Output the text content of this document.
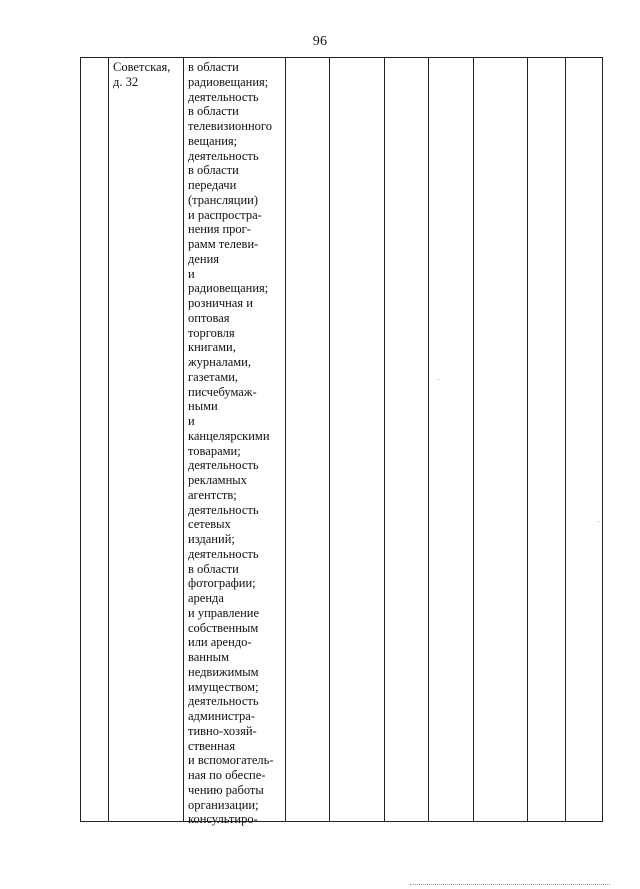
96
Советская,
д. 32
в области
радиовещания;
деятельность
в области
телевизионного
вещания;
деятельность
в области
передачи
(трансляции)
и распростра-
нения прог-
рамм телеви-
дения
и
радиовещания;
розничная и
оптовая
торговля
книгами,
журналами,
газетами,
писчебумаж-
ными
и
канцелярскими
товарами;
деятельность
рекламных
агентств;
деятельность
сетевых
изданий;
деятельность
в области
фотографии;
аренда
и управление
собственным
или арендо-
ванным
недвижимым
имуществом;
деятельность
администра-
тивно-хозяй-
ственная
и вспомогатель-
ная по обеспе-
чению работы
организации;
консультиро-
